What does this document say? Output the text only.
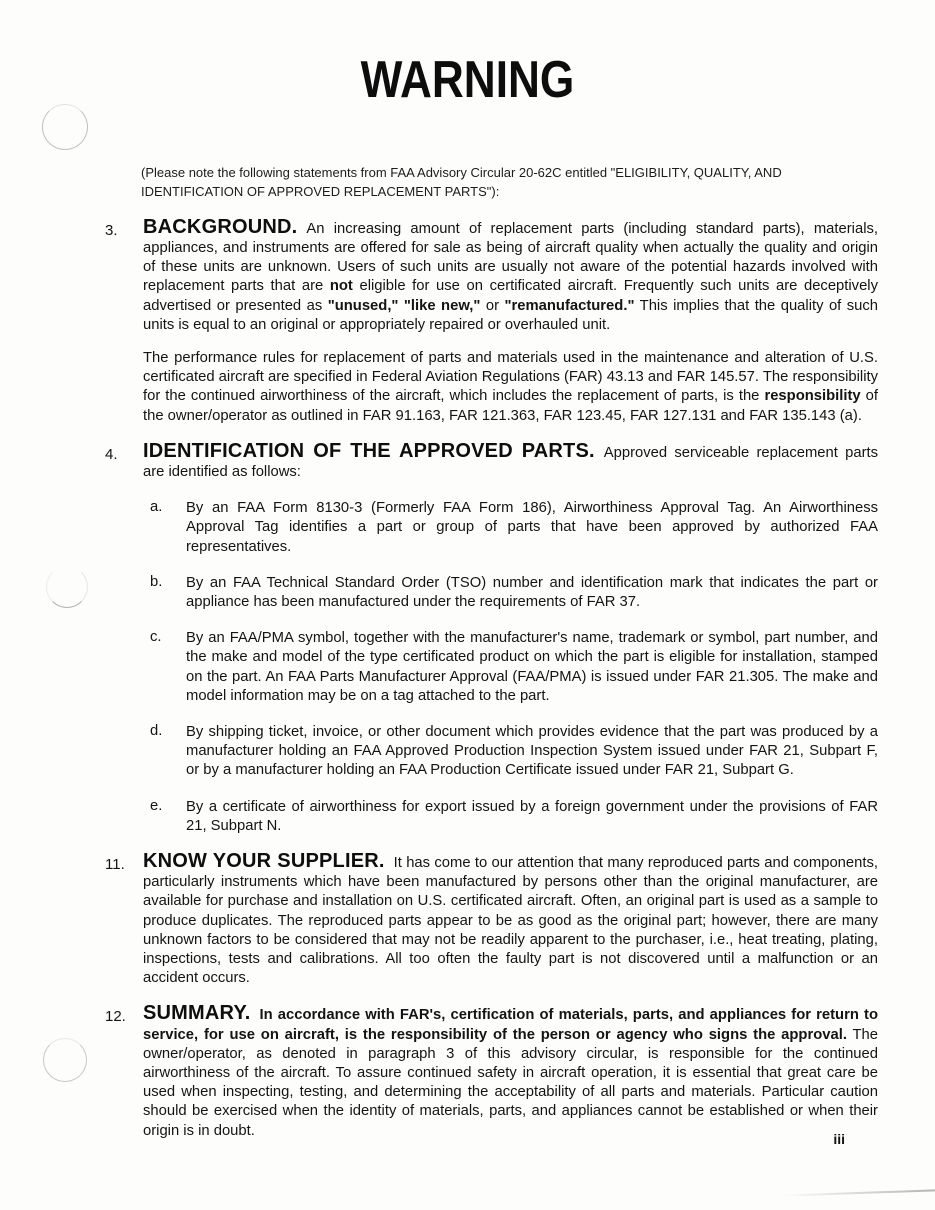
WARNING

(Please note the following statements from FAA Advisory Circular 20-62C entitled "ELIGIBILITY, QUALITY, AND IDENTIFICATION OF APPROVED REPLACEMENT PARTS"):

3.	BACKGROUND. An increasing amount of replacement parts (including standard parts), materials, appliances, and instruments are offered for sale as being of aircraft quality when actually the quality and origin of these units are unknown. Users of such units are usually not aware of the potential hazards involved with replacement parts that are not eligible for use on certificated aircraft. Frequently such units are deceptively advertised or presented as "unused," "like new," or "remanufactured." This implies that the quality of such units is equal to an original or appropriately repaired or overhauled unit.

The performance rules for replacement of parts and materials used in the maintenance and alteration of U.S. certificated aircraft are specified in Federal Aviation Regulations (FAR) 43.13 and FAR 145.57. The responsibility for the continued airworthiness of the aircraft, which includes the replacement of parts, is the responsibility of the owner/operator as outlined in FAR 91.163, FAR 121.363, FAR 123.45, FAR 127.131 and FAR 135.143 (a).

4.	IDENTIFICATION OF THE APPROVED PARTS. Approved serviceable replacement parts are identified as follows:

a.	By an FAA Form 8130-3 (Formerly FAA Form 186), Airworthiness Approval Tag. An Airworthiness Approval Tag identifies a part or group of parts that have been approved by authorized FAA representatives.

b.	By an FAA Technical Standard Order (TSO) number and identification mark that indicates the part or appliance has been manufactured under the requirements of FAR 37.

c.	By an FAA/PMA symbol, together with the manufacturer's name, trademark or symbol, part number, and the make and model of the type certificated product on which the part is eligible for installation, stamped on the part. An FAA Parts Manufacturer Approval (FAA/PMA) is issued under FAR 21.305. The make and model information may be on a tag attached to the part.

d.	By shipping ticket, invoice, or other document which provides evidence that the part was produced by a manufacturer holding an FAA Approved Production Inspection System issued under FAR 21, Subpart F, or by a manufacturer holding an FAA Production Certificate issued under FAR 21, Subpart G.

e.	By a certificate of airworthiness for export issued by a foreign government under the provisions of FAR 21, Subpart N.

11. KNOW YOUR SUPPLIER. It has come to our attention that many reproduced parts and components, particularly instruments which have been manufactured by persons other than the original manufacturer, are available for purchase and installation on U.S. certificated aircraft. Often, an original part is used as a sample to produce duplicates. The reproduced parts appear to be as good as the original part; however, there are many unknown factors to be considered that may not be readily apparent to the purchaser, i.e., heat treating, plating, inspections, tests and calibrations. All too often the faulty part is not discovered until a malfunction or an accident occurs.

12. SUMMARY. In accordance with FAR's, certification of materials, parts, and appliances for return to service, for use on aircraft, is the responsibility of the person or agency who signs the approval. The owner/operator, as denoted in paragraph 3 of this advisory circular, is responsible for the continued airworthiness of the aircraft. To assure continued safety in aircraft operation, it is essential that great care be used when inspecting, testing, and determining the acceptability of all parts and materials. Particular caution should be exercised when the identity of materials, parts, and appliances cannot be established or when their origin is in doubt.

iii
